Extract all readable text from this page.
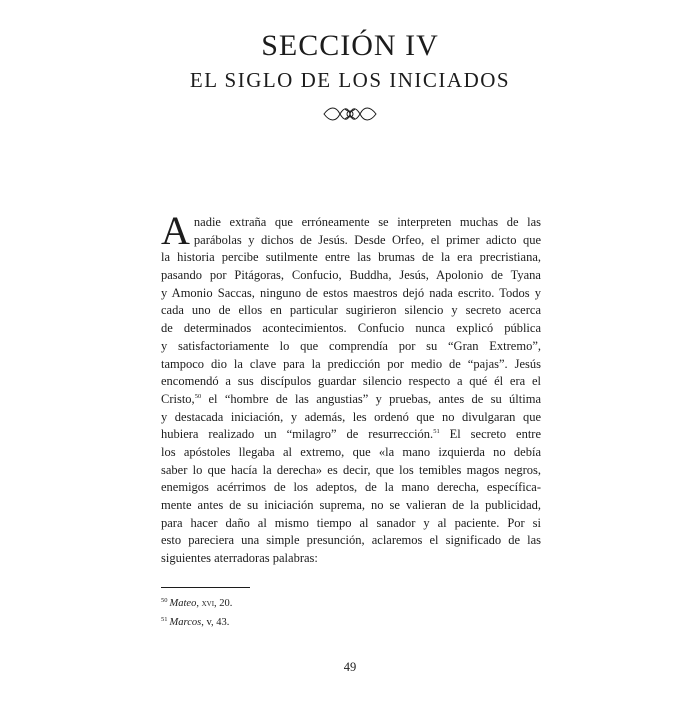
SECCIÓN IV
EL SIGLO DE LOS INICIADOS
A nadie extraña que erróneamente se interpreten muchas de las
parábolas y dichos de Jesús. Desde Orfeo, el primer adicto que
la historia percibe sutilmente entre las brumas de la era precristiana,
pasando por Pitágoras, Confucio, Buddha, Jesús, Apolonio de Tyana
y Amonio Saccas, ninguno de estos maestros dejó nada escrito. Todos y
cada uno de ellos en particular sugirieron silencio y secreto acerca
de determinados acontecimientos. Confucio nunca explicó pública
y satisfactoriamente lo que comprendía por su “Gran Extremo”,
tampoco dio la clave para la predicción por medio de “pajas”. Jesús
encomendó a sus discípulos guardar silencio respecto a qué él era el
Cristo,$^{50}$ el “hombre de las angustias” y pruebas, antes de su última
y destacada iniciación, y además, les ordenó que no divulgaran que
hubiera realizado un “milagro” de resurrección.$^{51}$ El secreto entre
los apóstoles llegaba al extremo, que «la mano izquierda no debía
saber lo que hacía la derecha» es decir, que los temibles magos negros,
enemigos acérrimos de los adeptos, de la mano derecha, específica-
mente antes de su iniciación suprema, no se valieran de la publicidad,
para hacer daño al mismo tiempo al sanador y al paciente. Por si
esto pareciera una simple presunción, aclaremos el significado de las
siguientes aterradoras palabras:
$^{50}$ Mateo, xvi, 20.
$^{51}$ Marcos, v, 43.
49
